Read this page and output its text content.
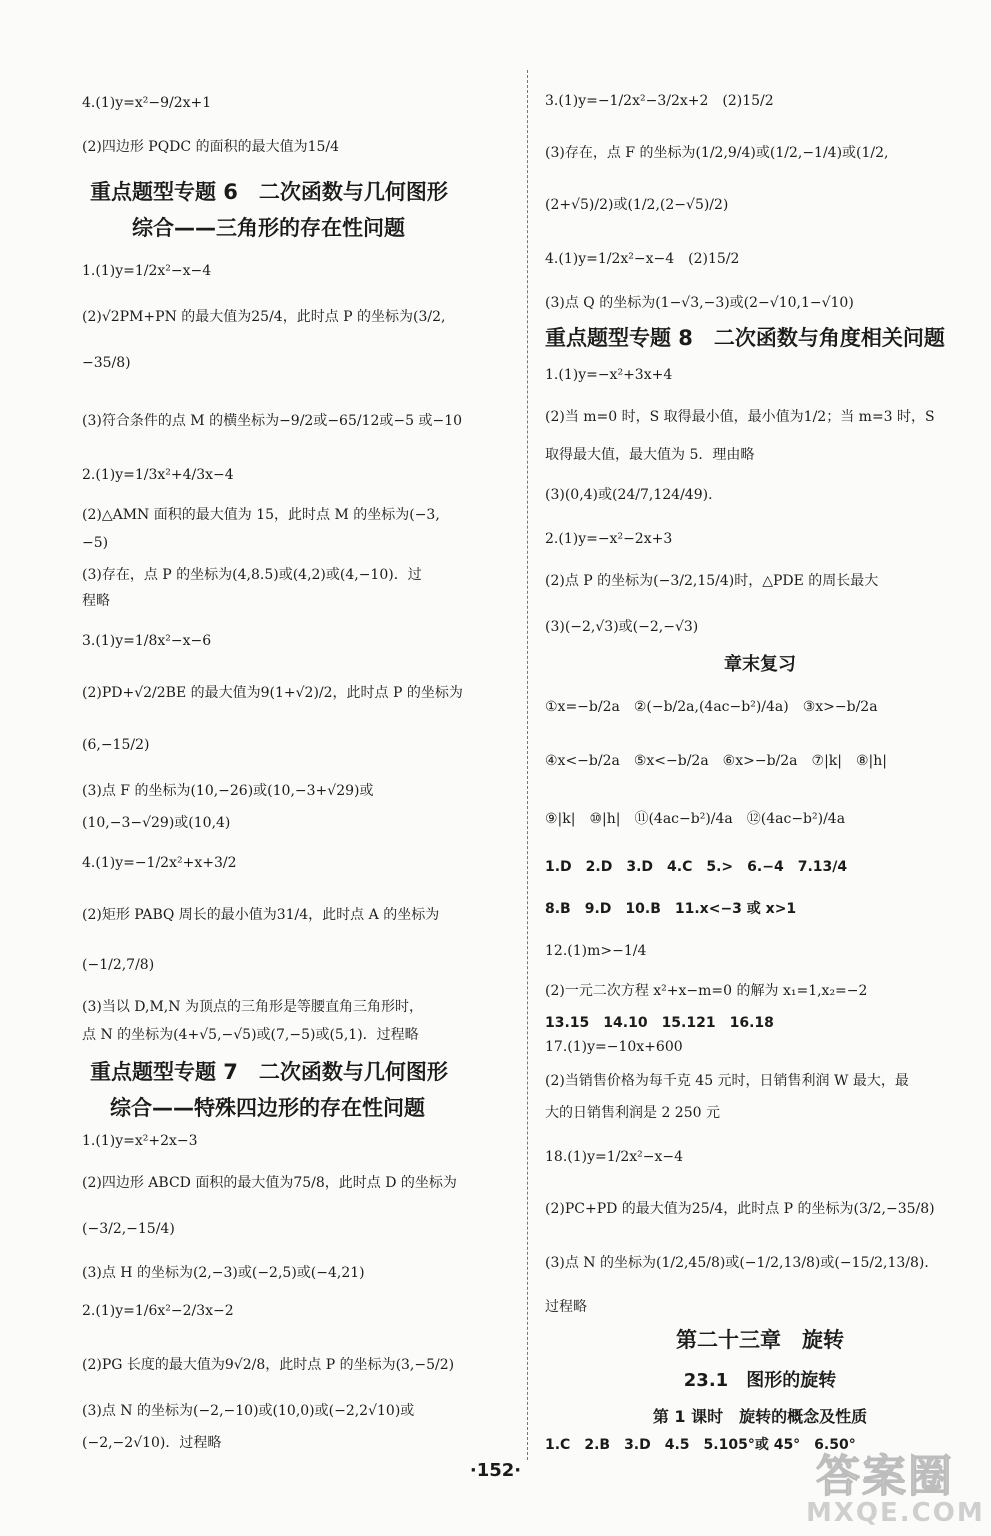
4.(1)y=x²−9/2x+1
(2)四边形 PQDC 的面积的最大值为15/4
重点题型专题 6　二次函数与几何图形
综合——三角形的存在性问题
1.(1)y=1/2x²−x−4
(2)√2PM+PN 的最大值为25/4，此时点 P 的坐标为(3/2,
−35/8)
(3)符合条件的点 M 的横坐标为−9/2或−65/12或−5 或−10
2.(1)y=1/3x²+4/3x−4
(2)△AMN 面积的最大值为 15，此时点 M 的坐标为(−3,
−5)
(3)存在，点 P 的坐标为(4,8.5)或(4,2)或(4,−10)．过
程略
3.(1)y=1/8x²−x−6
(2)PD+√2/2BE 的最大值为9(1+√2)/2，此时点 P 的坐标为
(6,−15/2)
(3)点 F 的坐标为(10,−26)或(10,−3+√29)或
(10,−3−√29)或(10,4)
4.(1)y=−1/2x²+x+3/2
(2)矩形 PABQ 周长的最小值为31/4，此时点 A 的坐标为
(−1/2,7/8)
(3)当以 D,M,N 为顶点的三角形是等腰直角三角形时，
点 N 的坐标为(4+√5,−√5)或(7,−5)或(5,1)．过程略
重点题型专题 7　二次函数与几何图形
综合——特殊四边形的存在性问题
1.(1)y=x²+2x−3
(2)四边形 ABCD 面积的最大值为75/8，此时点 D 的坐标为
(−3/2,−15/4)
(3)点 H 的坐标为(2,−3)或(−2,5)或(−4,21)
2.(1)y=1/6x²−2/3x−2
(2)PG 长度的最大值为9√2/8，此时点 P 的坐标为(3,−5/2)
(3)点 N 的坐标为(−2,−10)或(10,0)或(−2,2√10)或
(−2,−2√10)．过程略
3.(1)y=−1/2x²−3/2x+2　(2)15/2
(3)存在，点 F 的坐标为(1/2,9/4)或(1/2,−1/4)或(1/2,
(2+√5)/2)或(1/2,(2−√5)/2)
4.(1)y=1/2x²−x−4　(2)15/2
(3)点 Q 的坐标为(1−√3,−3)或(2−√10,1−√10)
重点题型专题 8　二次函数与角度相关问题
1.(1)y=−x²+3x+4
(2)当 m=0 时，S 取得最小值，最小值为1/2；当 m=3 时，S
取得最大值，最大值为 5．理由略
(3)(0,4)或(24/7,124/49)．
2.(1)y=−x²−2x+3
(2)点 P 的坐标为(−3/2,15/4)时，△PDE 的周长最大
(3)(−2,√3)或(−2,−√3)
章末复习
①x=−b/2a　②(−b/2a,(4ac−b²)/4a)　③x>−b/2a
④x<−b/2a　⑤x<−b/2a　⑥x>−b/2a　⑦|k|　⑧|h|
⑨|k|　⑩|h|　⑪(4ac−b²)/4a　⑫(4ac−b²)/4a
1.D　2.D　3.D　4.C　5.>　6.−4　7.13/4
8.B　9.D　10.B　11.x<−3 或 x>1
12.(1)m>−1/4
(2)一元二次方程 x²+x−m=0 的解为 x₁=1,x₂=−2
13.15　14.10　15.121　16.18
17.(1)y=−10x+600
(2)当销售价格为每千克 45 元时，日销售利润 W 最大，最
大的日销售利润是 2 250 元
18.(1)y=1/2x²−x−4
(2)PC+PD 的最大值为25/4，此时点 P 的坐标为(3/2,−35/8)
(3)点 N 的坐标为(1/2,45/8)或(−1/2,13/8)或(−15/2,13/8)．
过程略
第二十三章　旋转
23.1　图形的旋转
第 1 课时　旋转的概念及性质
1.C　2.B　3.D　4.5　5.105°或 45°　6.50°
·152·	答案圈
MXQE.COM
